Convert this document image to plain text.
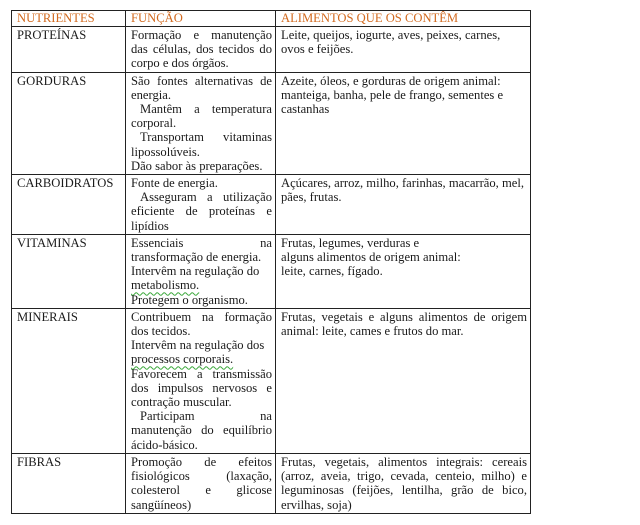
NUTRIENTES	FUNÇÃO	ALIMENTOS QUE OS CONTÊM
PROTEÍNAS	Formação e manutenção das células, dos tecidos do corpo e dos órgãos.	Leite, queijos, iogurte, aves, peixes, carnes, ovos e feijões.

GORDURAS	São fontes alternativas de energia.
Mantêm a temperatura corporal.
Transportam vitaminas lipossolúveis.
Dão sabor às preparações.	Azeite, óleos, e gorduras de origem animal: manteiga, banha, pele de frango, sementes e castanhas

CARBOIDRATOS	Fonte de energia.
Asseguram a utilização eficiente de proteínas e lipídios	Açúcares, arroz, milho, farinhas, macarrão, mel, pães, frutas.

VITAMINAS	Essenciais na transformação de energia.
Intervêm na regulação do
metabolismo.
Protegem o organismo.	Frutas, legumes, verduras e
alguns alimentos de origem animal:
leite, carnes, fígado.

MINERAIS	Contribuem na formação dos tecidos.
Intervêm na regulação dos
processos corporais.
Favorecem a transmissão dos impulsos nervosos e contração muscular.
Participam na manutenção do equilíbrio ácido-básico.	Frutas, vegetais e alguns alimentos de origem animal: leite, cames e frutos do mar.

FIBRAS	Promoção de efeitos fisiológicos (laxação, colesterol e glicose sangüíneos)	Frutas, vegetais, alimentos integrais: cereais (arroz, aveia, trigo, cevada, centeio, milho) e leguminosas (feijões, lentilha, grão de bico, ervilhas, soja)
